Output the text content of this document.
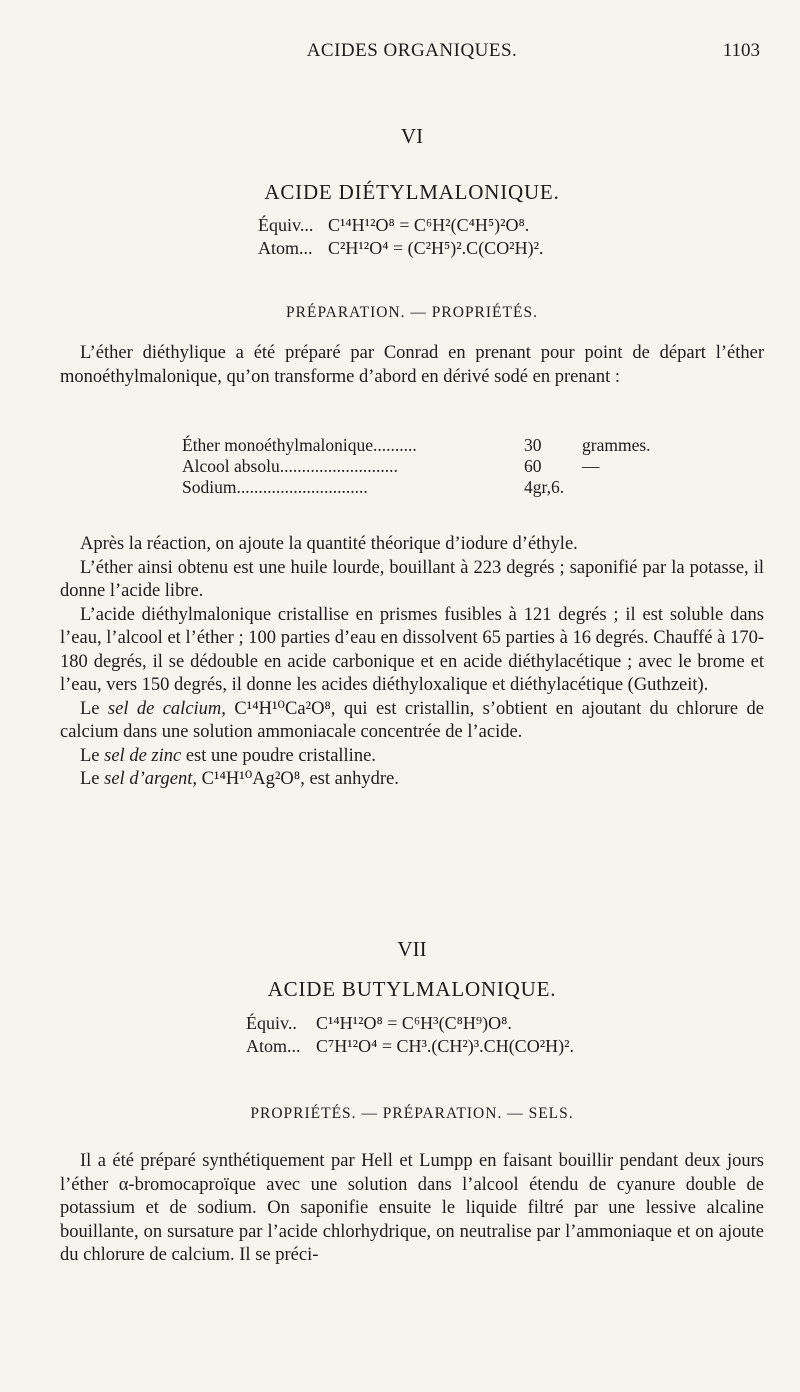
ACIDES ORGANIQUES.	1103
VI
ACIDE DIÉTYLMALONIQUE.
Équiv... C¹⁴H¹²O⁸ = C⁶H²(C⁴H⁵)²O⁸.
Atom... C²H¹²O⁴ = (C²H⁵)².C(CO²H)².
PRÉPARATION. — PROPRIÉTÉS.

L’éther diéthylique a été préparé par Conrad en prenant pour point de départ l’éther monoéthylmalonique, qu’on transforme d’abord en dérivé sodé en prenant :

Éther monoéthylmalonique..........	30	grammes.
Alcool absolu...........................	60	—
Sodium..............................	4gr,6.

Après la réaction, on ajoute la quantité théorique d’iodure d’éthyle.

L’éther ainsi obtenu est une huile lourde, bouillant à 223 degrés ; saponifié par la potasse, il donne l’acide libre.

L’acide diéthylmalonique cristallise en prismes fusibles à 121 degrés ; il est soluble dans l’eau, l’alcool et l’éther ; 100 parties d’eau en dissolvent 65 parties à 16 degrés. Chauffé à 170-180 degrés, il se dédouble en acide carbonique et en acide diéthylacétique ; avec le brome et l’eau, vers 150 degrés, il donne les acides diéthyloxalique et diéthylacétique (Guthzeit).

Le sel de calcium, C¹⁴H¹⁰Ca²O⁸, qui est cristallin, s’obtient en ajoutant du chlorure de calcium dans une solution ammoniacale concentrée de l’acide.

Le sel de zinc est une poudre cristalline.

Le sel d’argent, C¹⁴H¹⁰Ag²O⁸, est anhydre.

VII
ACIDE BUTYLMALONIQUE.
Équiv..	C¹⁴H¹²O⁸ = C⁶H³(C⁸H⁹)O⁸.
Atom... C⁷H¹²O⁴ = CH³.(CH²)³.CH(CO²H)².
PROPRIÉTÉS. — PRÉPARATION. — SELS.

Il a été préparé synthétiquement par Hell et Lumpp en faisant bouillir pendant deux jours l’éther α-bromocaproïque avec une solution dans l’alcool étendu de cyanure double de potassium et de sodium. On saponifie ensuite le liquide filtré par une lessive alcaline bouillante, on sursature par l’acide chlorhydrique, on neutralise par l’ammoniaque et on ajoute du chlorure de calcium. Il se préci-
